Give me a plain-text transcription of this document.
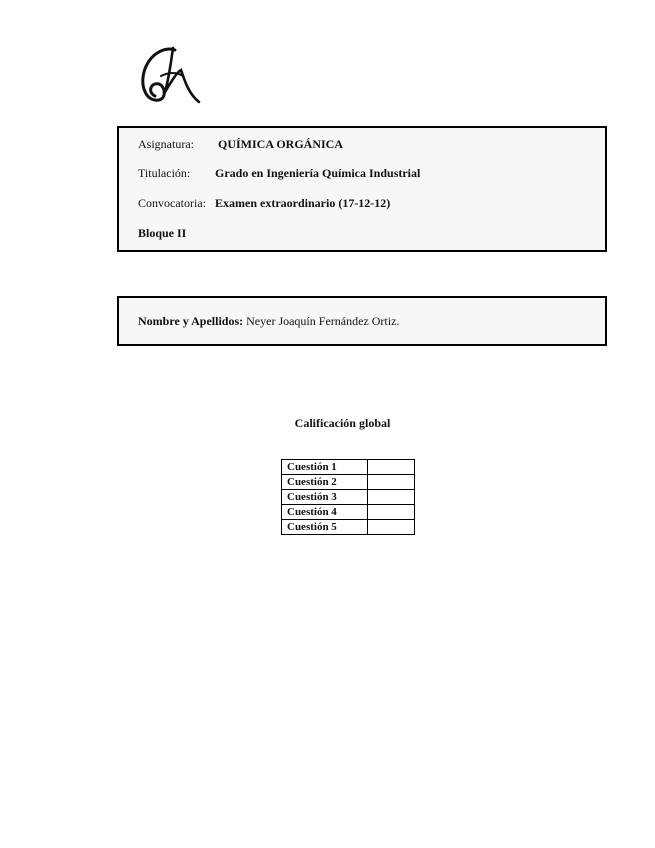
Asignatura: QUÍMICA ORGÁNICA
Titulación: Grado en Ingeniería Química Industrial
Convocatoria: Examen extraordinario (17-12-12)
Bloque II
Nombre y Apellidos: Neyer Joaquín Fernández Ortiz.
Calificación global
Cuestión 1	
Cuestión 2	
Cuestión 3	
Cuestión 4	
Cuestión 5	
